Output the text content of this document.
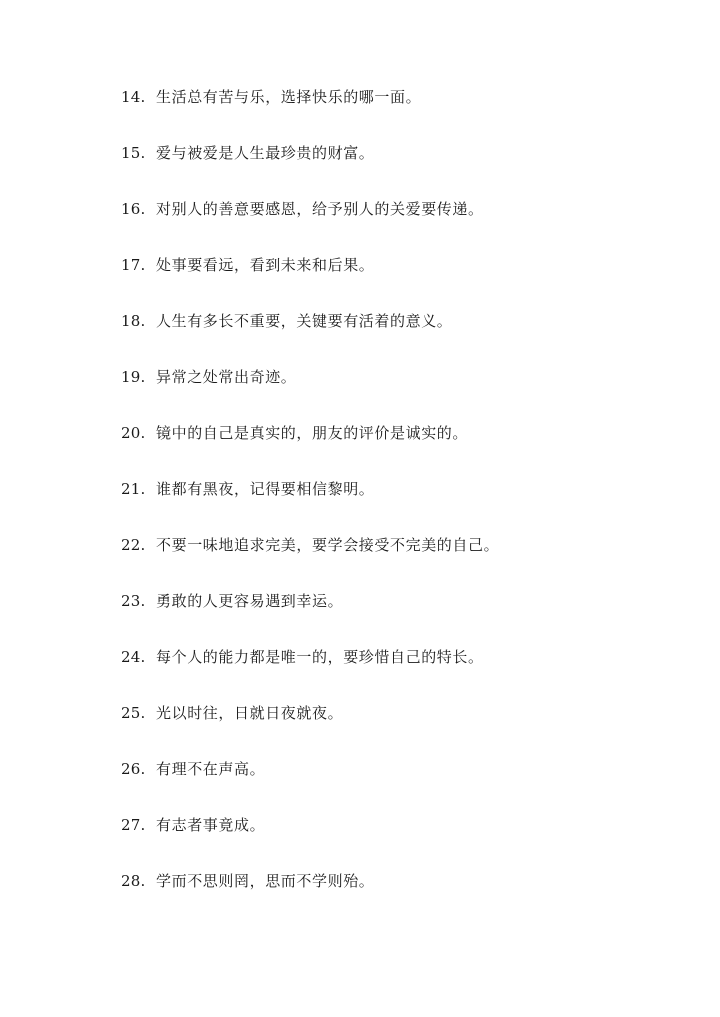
14. 生活总有苦与乐，选择快乐的哪一面。
15. 爱与被爱是人生最珍贵的财富。
16. 对别人的善意要感恩，给予别人的关爱要传递。
17. 处事要看远，看到未来和后果。
18. 人生有多长不重要，关键要有活着的意义。
19. 异常之处常出奇迹。
20. 镜中的自己是真实的，朋友的评价是诚实的。
21. 谁都有黑夜，记得要相信黎明。
22. 不要一味地追求完美，要学会接受不完美的自己。
23. 勇敢的人更容易遇到幸运。
24. 每个人的能力都是唯一的，要珍惜自己的特长。
25. 光以时往，日就日夜就夜。
26. 有理不在声高。
27. 有志者事竟成。
28. 学而不思则罔，思而不学则殆。
